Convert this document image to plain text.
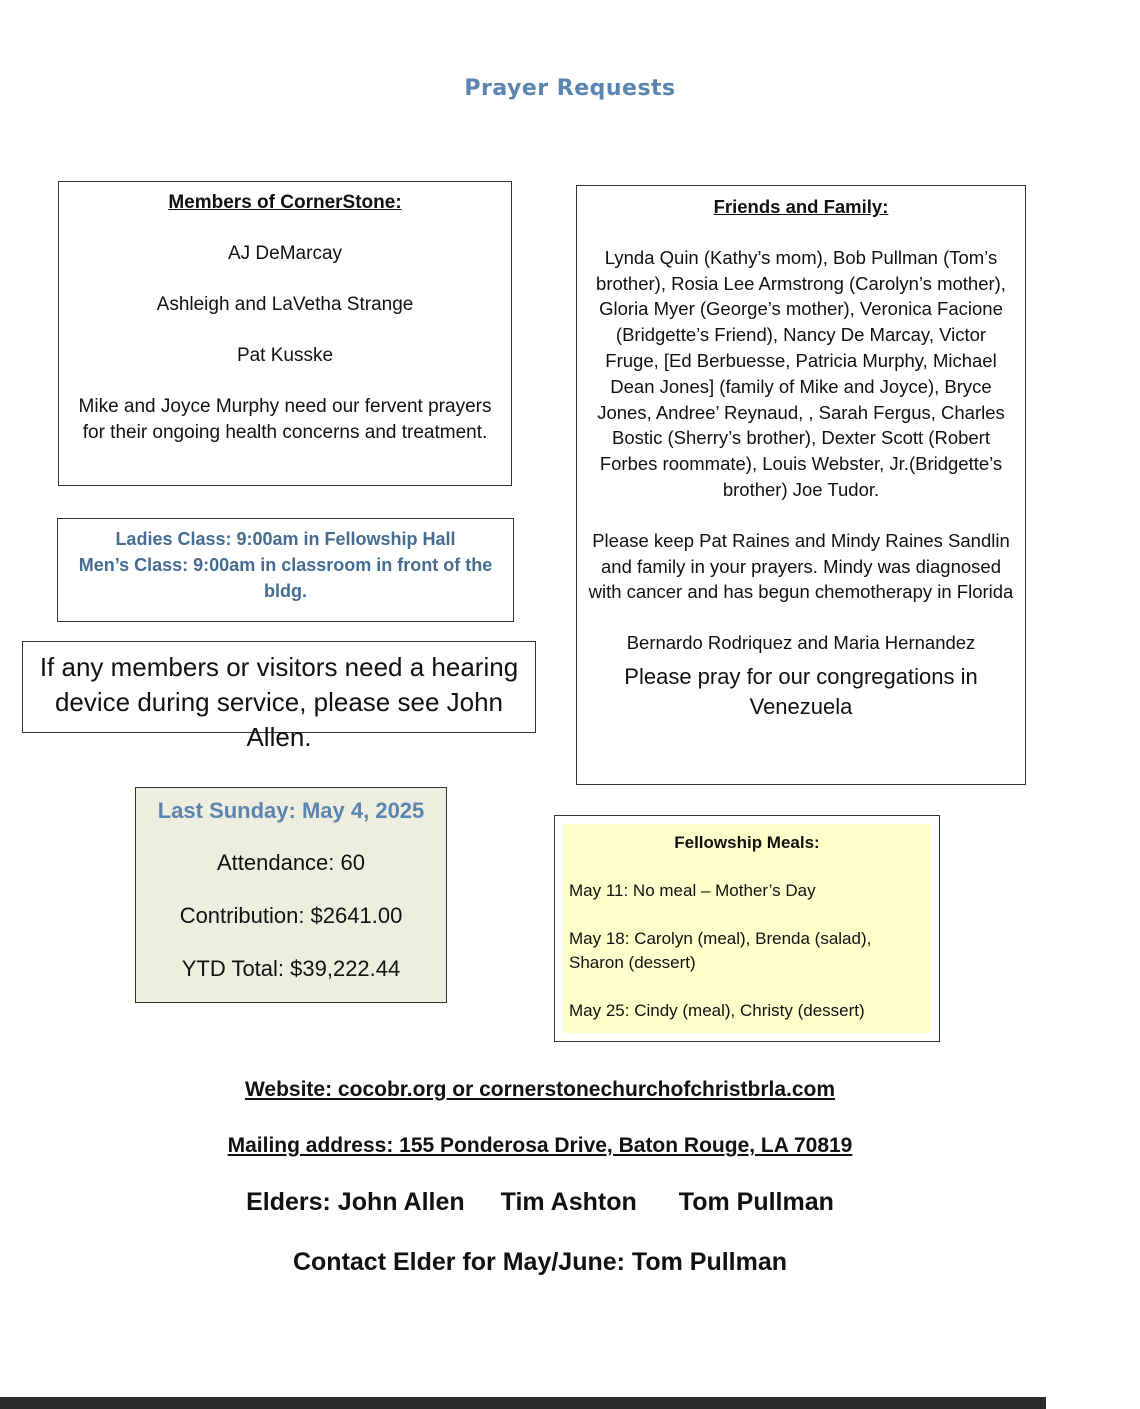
Prayer Requests
Members of CornerStone:
AJ DeMarcay
Ashleigh and LaVetha Strange
Pat Kusske
Mike and Joyce Murphy need our fervent prayers for their ongoing health concerns and treatment.
Friends and Family:
Lynda Quin (Kathy’s mom), Bob Pullman (Tom’s brother), Rosia Lee Armstrong (Carolyn’s mother), Gloria Myer (George’s mother), Veronica Facione (Bridgette’s Friend), Nancy De Marcay, Victor Fruge, [Ed Berbuesse, Patricia Murphy, Michael Dean Jones] (family of Mike and Joyce), Bryce Jones, Andree’ Reynaud, , Sarah Fergus, Charles Bostic (Sherry’s brother), Dexter Scott (Robert Forbes roommate), Louis Webster, Jr.(Bridgette’s brother) Joe Tudor.
Please keep Pat Raines and Mindy Raines Sandlin and family in your prayers. Mindy was diagnosed with cancer and has begun chemotherapy in Florida
Bernardo Rodriquez and Maria Hernandez
Please pray for our congregations in Venezuela
Ladies Class: 9:00am in Fellowship Hall
Men’s Class: 9:00am in classroom in front of the bldg.
If any members or visitors need a hearing device during service, please see John Allen.
Last Sunday: May 4, 2025
Attendance: 60
Contribution: $2641.00
YTD Total: $39,222.44
Fellowship Meals:
May 11: No meal – Mother’s Day
May 18: Carolyn (meal), Brenda (salad), Sharon (dessert)
May 25: Cindy (meal), Christy (dessert)
Website: cocobr.org or cornerstonechurchofchristbrla.com
Mailing address: 155 Ponderosa Drive, Baton Rouge, LA 70819
Elders: John Allen Tim Ashton Tom Pullman
Contact Elder for May/June: Tom Pullman
